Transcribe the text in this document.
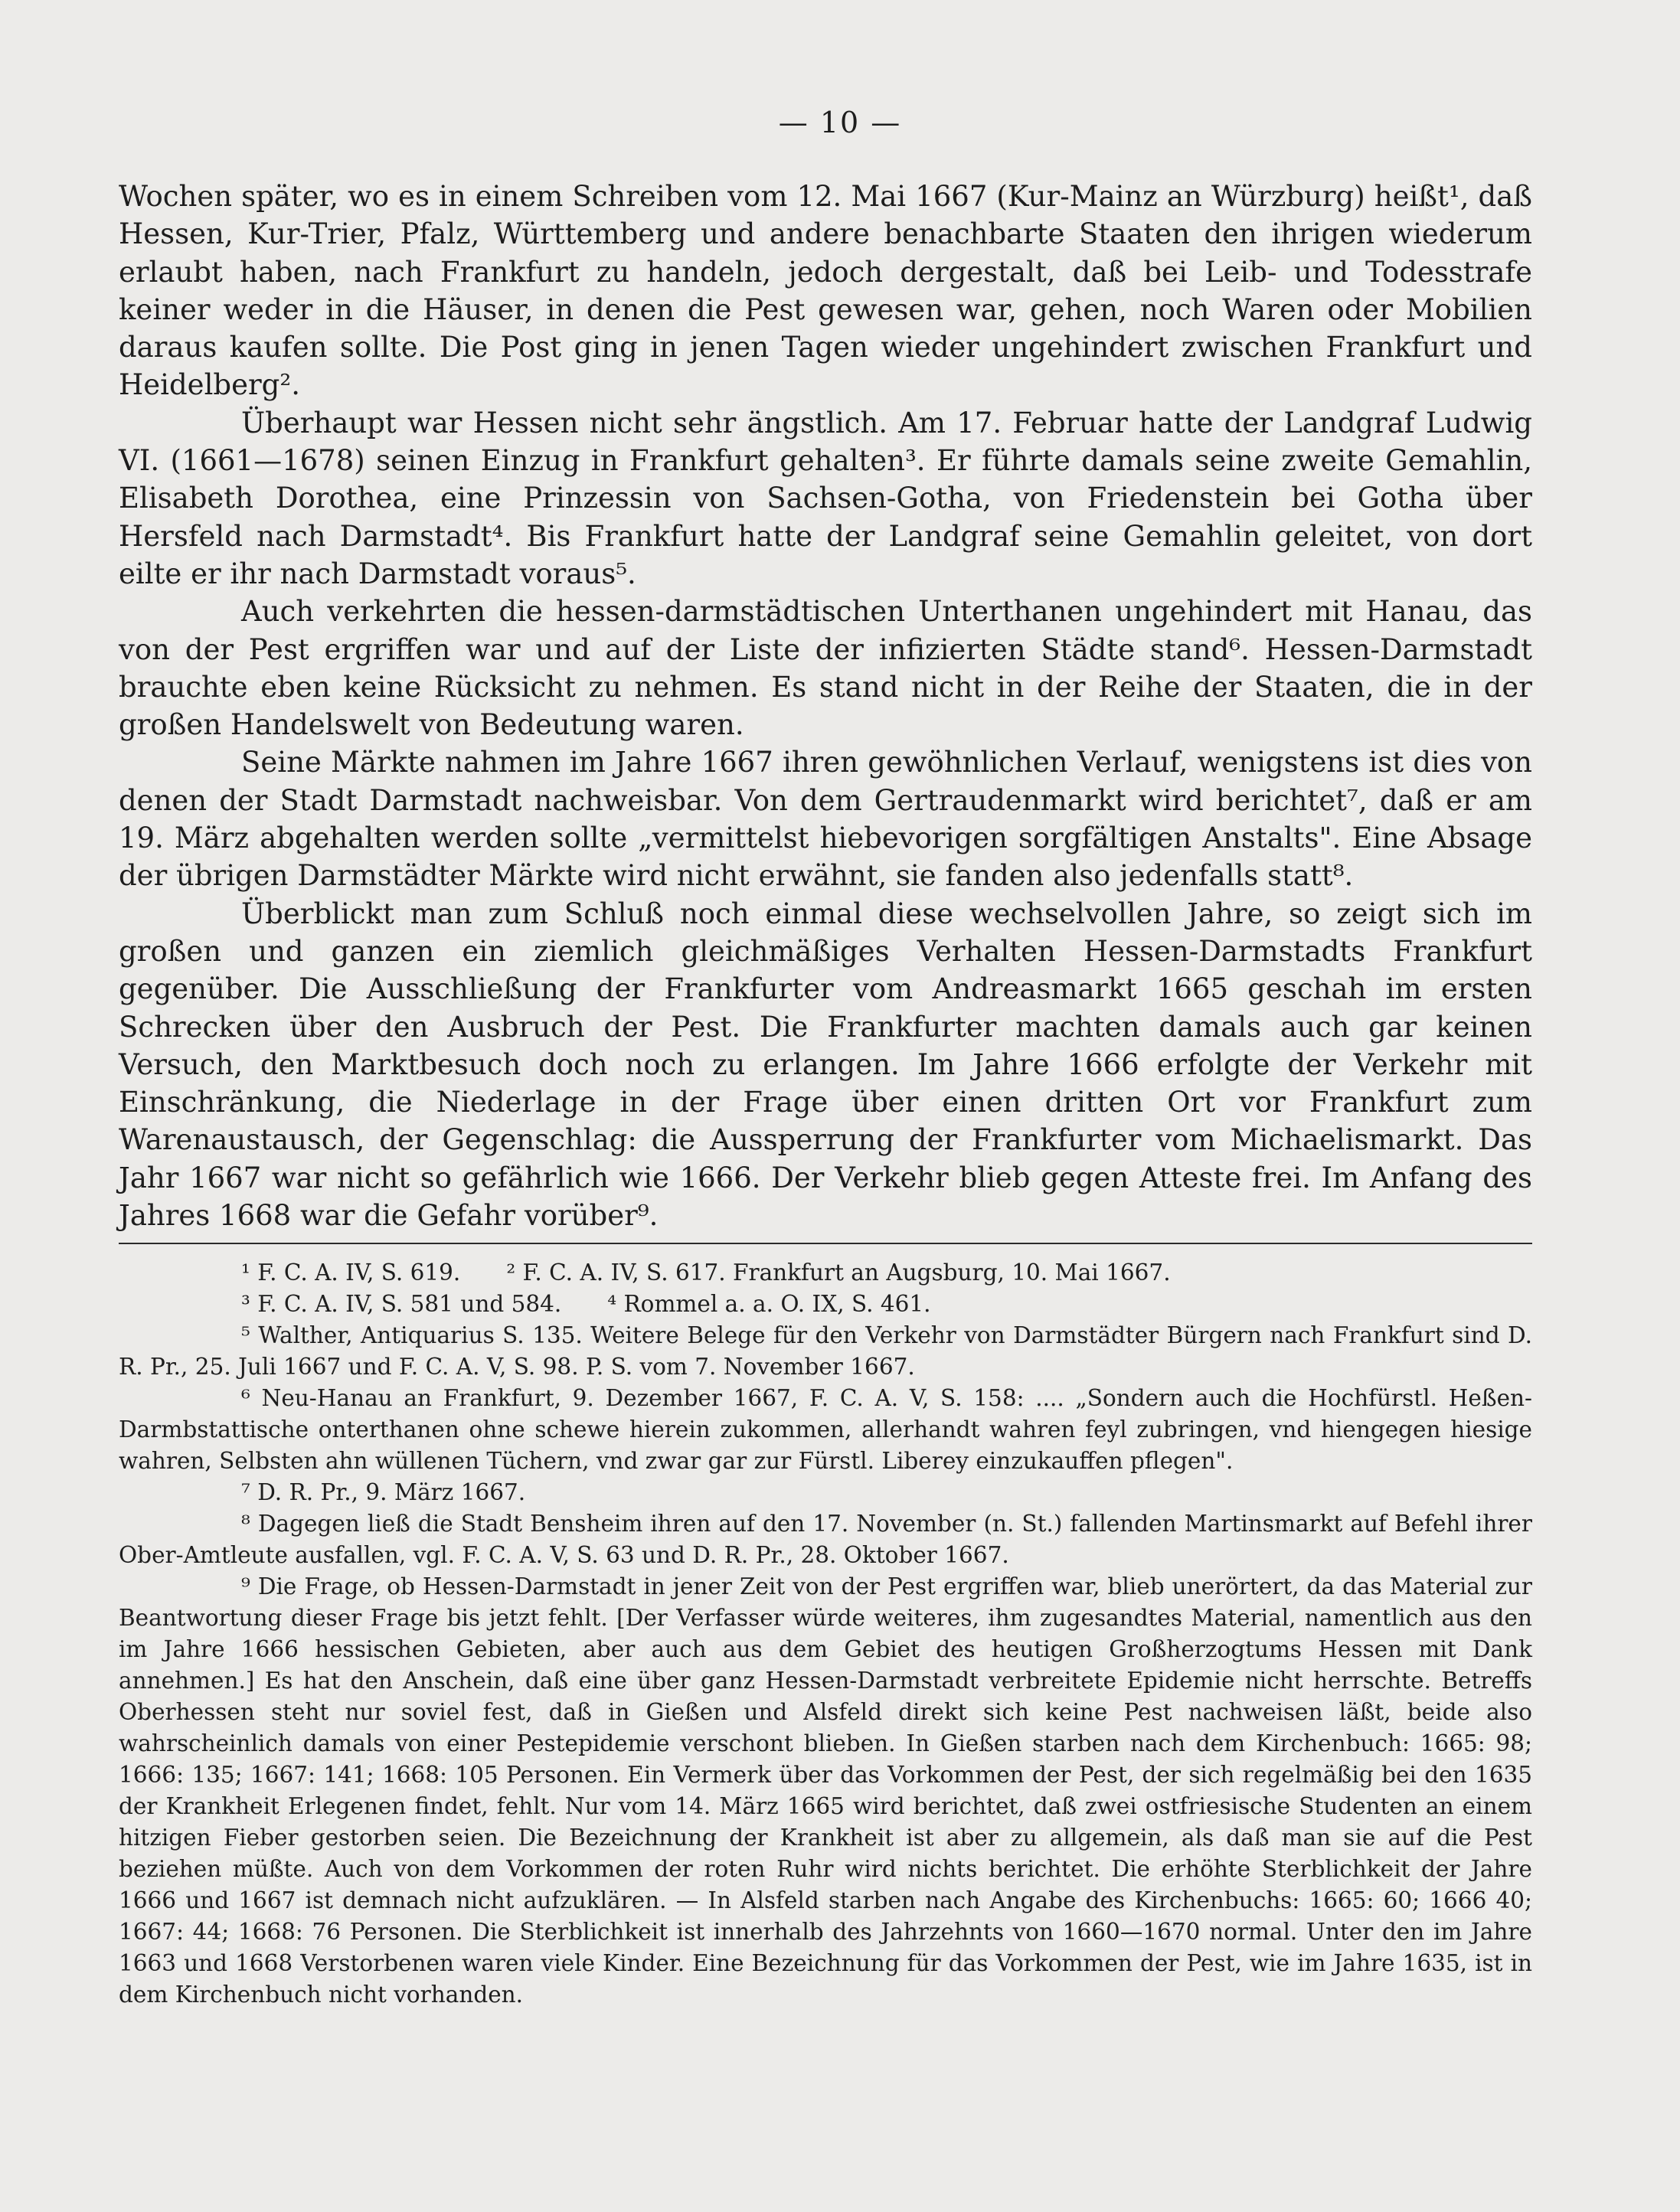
— 10 —

Wochen später, wo es in einem Schreiben vom 12. Mai 1667 (Kur-Mainz an Würzburg) heißt¹, daß Hessen, Kur-Trier, Pfalz, Württemberg und andere benachbarte Staaten den ihrigen wiederum erlaubt haben, nach Frankfurt zu handeln, jedoch dergestalt, daß bei Leib- und Todesstrafe keiner weder in die Häuser, in denen die Pest gewesen war, gehen, noch Waren oder Mobilien daraus kaufen sollte. Die Post ging in jenen Tagen wieder ungehindert zwischen Frankfurt und Heidelberg².

Überhaupt war Hessen nicht sehr ängstlich. Am 17. Februar hatte der Landgraf Ludwig VI. (1661—1678) seinen Einzug in Frankfurt gehalten³. Er führte damals seine zweite Gemahlin, Elisabeth Dorothea, eine Prinzessin von Sachsen-Gotha, von Friedenstein bei Gotha über Hersfeld nach Darmstadt⁴. Bis Frankfurt hatte der Landgraf seine Gemahlin geleitet, von dort eilte er ihr nach Darmstadt voraus⁵.

Auch verkehrten die hessen-darmstädtischen Unterthanen ungehindert mit Hanau, das von der Pest ergriffen war und auf der Liste der infizierten Städte stand⁶. Hessen-Darmstadt brauchte eben keine Rücksicht zu nehmen. Es stand nicht in der Reihe der Staaten, die in der großen Handelswelt von Bedeutung waren.

Seine Märkte nahmen im Jahre 1667 ihren gewöhnlichen Verlauf, wenigstens ist dies von denen der Stadt Darmstadt nachweisbar. Von dem Gertraudenmarkt wird berichtet⁷, daß er am 19. März abgehalten werden sollte „vermittelst hiebevorigen sorgfältigen Anstalts". Eine Absage der übrigen Darmstädter Märkte wird nicht erwähnt, sie fanden also jedenfalls statt⁸.

Überblickt man zum Schluß noch einmal diese wechselvollen Jahre, so zeigt sich im großen und ganzen ein ziemlich gleichmäßiges Verhalten Hessen-Darmstadts Frankfurt gegenüber. Die Ausschließung der Frankfurter vom Andreasmarkt 1665 geschah im ersten Schrecken über den Ausbruch der Pest. Die Frankfurter machten damals auch gar keinen Versuch, den Marktbesuch doch noch zu erlangen. Im Jahre 1666 erfolgte der Verkehr mit Einschränkung, die Niederlage in der Frage über einen dritten Ort vor Frankfurt zum Warenaustausch, der Gegenschlag: die Aussperrung der Frankfurter vom Michaelismarkt. Das Jahr 1667 war nicht so gefährlich wie 1666. Der Verkehr blieb gegen Atteste frei. Im Anfang des Jahres 1668 war die Gefahr vorüber⁹.

¹ F. C. A. IV, S. 619. ² F. C. A. IV, S. 617. Frankfurt an Augsburg, 10. Mai 1667.
³ F. C. A. IV, S. 581 und 584. ⁴ Rommel a. a. O. IX, S. 461.

⁵ Walther, Antiquarius S. 135. Weitere Belege für den Verkehr von Darmstädter Bürgern nach Frankfurt sind D. R. Pr., 25. Juli 1667 und F. C. A. V, S. 98. P. S. vom 7. November 1667.

⁶ Neu-Hanau an Frankfurt, 9. Dezember 1667, F. C. A. V, S. 158: .... „Sondern auch die Hochfürstl. Heßen-Darmbstattische onterthanen ohne schewe hierein zukommen, allerhandt wahren feyl zubringen, vnd hiengegen hiesige wahren, Selbsten ahn wüllenen Tüchern, vnd zwar gar zur Fürstl. Liberey einzukauffen pflegen".

⁷ D. R. Pr., 9. März 1667.

⁸ Dagegen ließ die Stadt Bensheim ihren auf den 17. November (n. St.) fallenden Martinsmarkt auf Befehl ihrer Ober-Amtleute ausfallen, vgl. F. C. A. V, S. 63 und D. R. Pr., 28. Oktober 1667.

⁹ Die Frage, ob Hessen-Darmstadt in jener Zeit von der Pest ergriffen war, blieb unerörtert, da das Material zur Beantwortung dieser Frage bis jetzt fehlt. [Der Verfasser würde weiteres, ihm zugesandtes Material, namentlich aus den im Jahre 1666 hessischen Gebieten, aber auch aus dem Gebiet des heutigen Großherzogtums Hessen mit Dank annehmen.] Es hat den Anschein, daß eine über ganz Hessen-Darmstadt verbreitete Epidemie nicht herrschte. Betreffs Oberhessen steht nur soviel fest, daß in Gießen und Alsfeld direkt sich keine Pest nachweisen läßt, beide also wahrscheinlich damals von einer Pestepidemie verschont blieben. In Gießen starben nach dem Kirchenbuch: 1665: 98; 1666: 135; 1667: 141; 1668: 105 Personen. Ein Vermerk über das Vorkommen der Pest, der sich regelmäßig bei den 1635 der Krankheit Erlegenen findet, fehlt. Nur vom 14. März 1665 wird berichtet, daß zwei ostfriesische Studenten an einem hitzigen Fieber gestorben seien. Die Bezeichnung der Krankheit ist aber zu allgemein, als daß man sie auf die Pest beziehen müßte. Auch von dem Vorkommen der roten Ruhr wird nichts berichtet. Die erhöhte Sterblichkeit der Jahre 1666 und 1667 ist demnach nicht aufzuklären. — In Alsfeld starben nach Angabe des Kirchenbuchs: 1665: 60; 1666 40; 1667: 44; 1668: 76 Personen. Die Sterblichkeit ist innerhalb des Jahrzehnts von 1660—1670 normal. Unter den im Jahre 1663 und 1668 Verstorbenen waren viele Kinder. Eine Bezeichnung für das Vorkommen der Pest, wie im Jahre 1635, ist in dem Kirchenbuch nicht vorhanden.
